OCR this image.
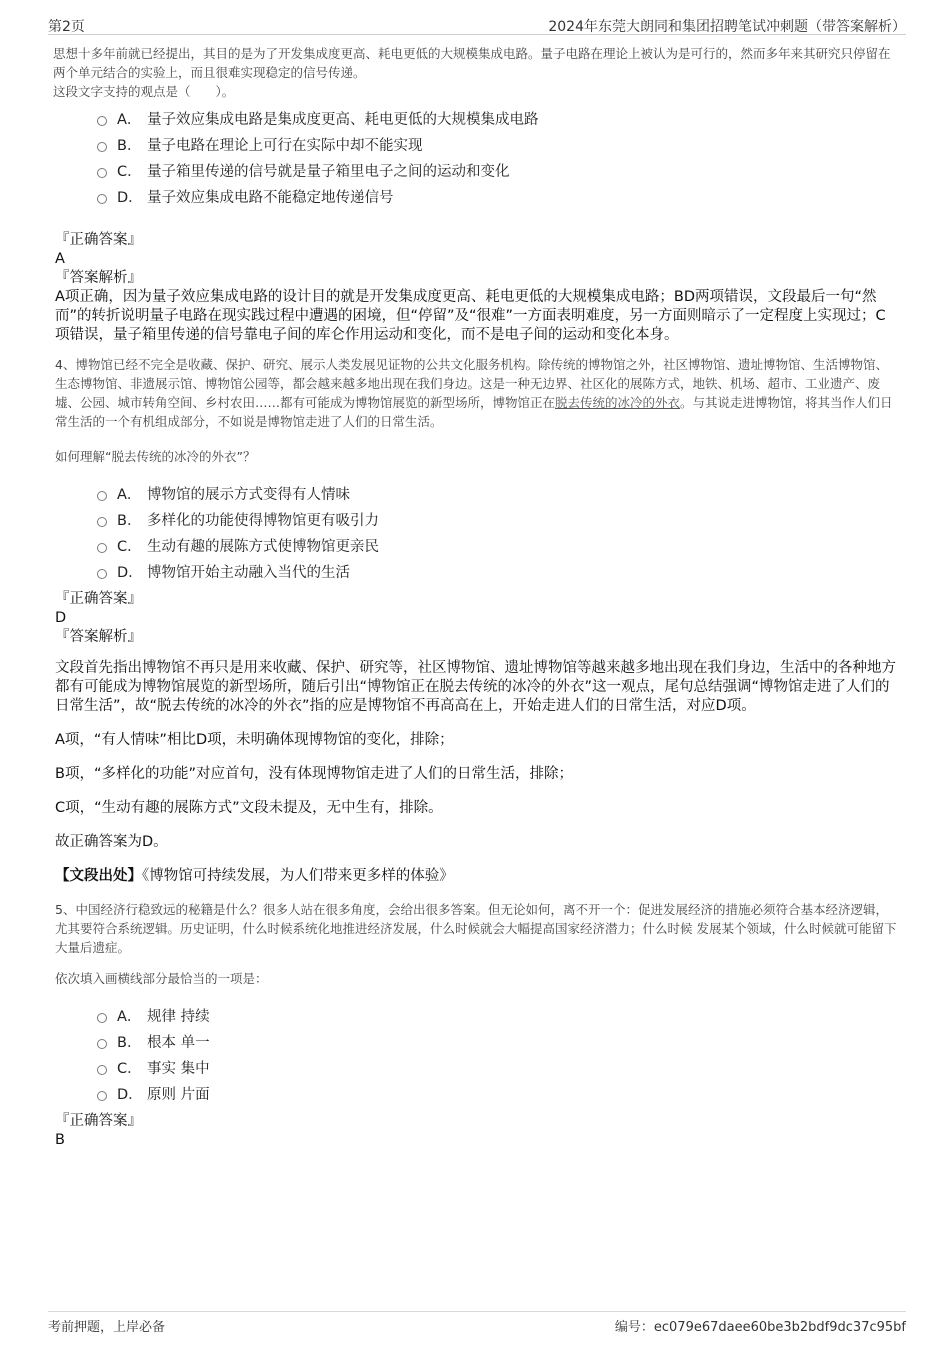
第2页	2024年东莞大朗同和集团招聘笔试冲刺题（带答案解析）

思想十多年前就已经提出，其目的是为了开发集成度更高、耗电更低的大规模集成电路。量子电路在理论上被认为是可行的，然而多年来其研究只停留在两个单元结合的实验上，而且很难实现稳定的信号传递。

这段文字支持的观点是（　　）。

A． 量子效应集成电路是集成度更高、耗电更低的大规模集成电路
B． 量子电路在理论上可行在实际中却不能实现
C． 量子箱里传递的信号就是量子箱里电子之间的运动和变化
D． 量子效应集成电路不能稳定地传递信号

『正确答案』

A

『答案解析』

A项正确，因为量子效应集成电路的设计目的就是开发集成度更高、耗电更低的大规模集成电路；BD两项错误，文段最后一句“然而”的转折说明量子电路在现实践过程中遭遇的困境，但“停留”及“很难”一方面表明难度，另一方面则暗示了一定程度上实现过；C项错误，量子箱里传递的信号靠电子间的库仑作用运动和变化，而不是电子间的运动和变化本身。

4、博物馆已经不完全是收藏、保护、研究、展示人类发展见证物的公共文化服务机构。除传统的博物馆之外，社区博物馆、遗址博物馆、生活博物馆、生态博物馆、非遗展示馆、博物馆公园等，都会越来越多地出现在我们身边。这是一种无边界、社区化的展陈方式，地铁、机场、超市、工业遗产、废墟、公园、城市转角空间、乡村农田……都有可能成为博物馆展览的新型场所，博物馆正在脱去传统的冰冷的外衣。与其说走进博物馆，将其当作人们日常生活的一个有机组成部分，不如说是博物馆走进了人们的日常生活。

如何理解“脱去传统的冰冷的外衣”？

A． 博物馆的展示方式变得有人情味
B． 多样化的功能使得博物馆更有吸引力
C． 生动有趣的展陈方式使博物馆更亲民
D． 博物馆开始主动融入当代的生活

『正确答案』

D

『答案解析』

文段首先指出博物馆不再只是用来收藏、保护、研究等，社区博物馆、遗址博物馆等越来越多地出现在我们身边，生活中的各种地方都有可能成为博物馆展览的新型场所，随后引出“博物馆正在脱去传统的冰冷的外衣”这一观点，尾句总结强调“博物馆走进了人们的日常生活”，故“脱去传统的冰冷的外衣”指的应是博物馆不再高高在上，开始走进人们的日常生活，对应D项。

A项，“有人情味”相比D项，未明确体现博物馆的变化，排除；

B项，“多样化的功能”对应首句，没有体现博物馆走进了人们的日常生活，排除；

C项，“生动有趣的展陈方式”文段未提及，无中生有，排除。

故正确答案为D。

【文段出处】《博物馆可持续发展，为人们带来更多样的体验》

5、中国经济行稳致远的秘籍是什么？很多人站在很多角度，会给出很多答案。但无论如何，离不开一个：促进发展经济的措施必须符合基本经济逻辑，尤其要符合系统逻辑。历史证明，什么时候系统化地推进经济发展，什么时候就会大幅提高国家经济潜力；什么时候 发展某个领域，什么时候就可能留下大量后遗症。

依次填入画横线部分最恰当的一项是：

A． 规律 持续
B． 根本 单一
C． 事实 集中
D． 原则 片面

『正确答案』

B

考前押题，上岸必备	编号：ec079e67daee60be3b2bdf9dc37c95bf
